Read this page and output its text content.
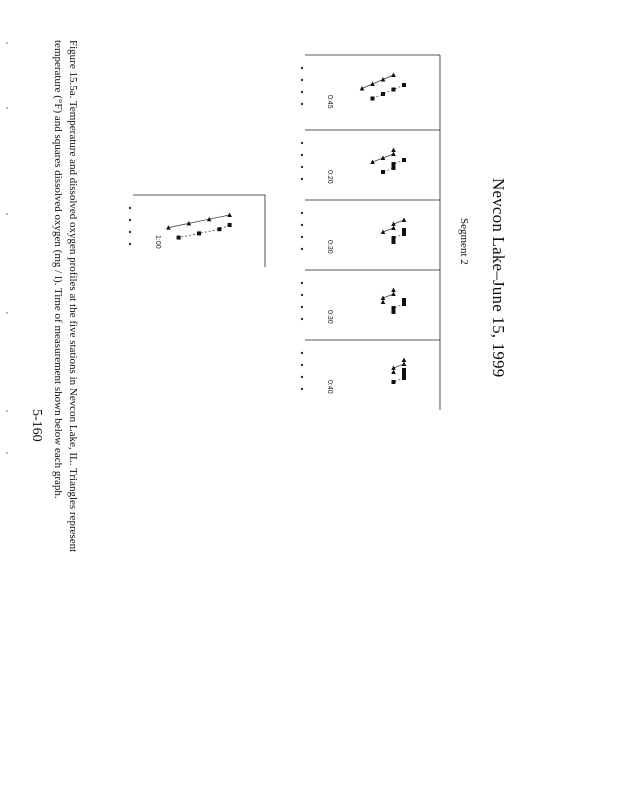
Nevcon Lake–June 15, 1999
Segment 2
Figure 15.5a. Temperature and dissolved oxygen profiles at the five stations in Nevcon Lake, IL. Triangles represent
temperature (°F) and squares dissolved oxygen (mg / l). Time of measurement shown below each graph.
5-160
0:45
0:20
0:30
0:30
0:40
1:00
